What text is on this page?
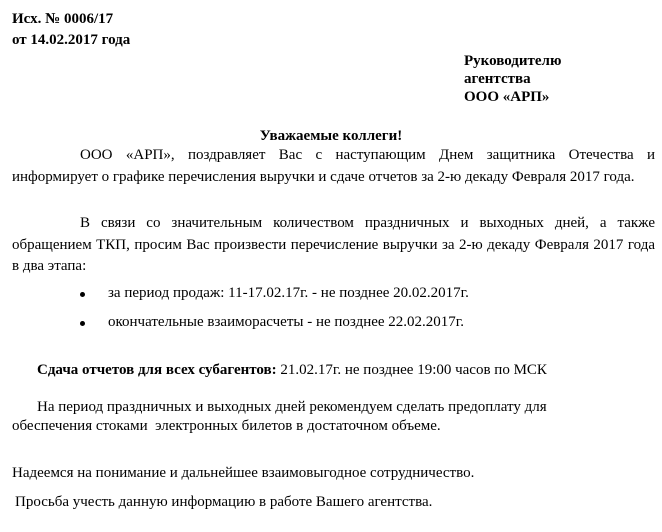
Исх. № 0006/17
от 14.02.2017 года
Руководителю
агентства
ООО «АРП»
Уважаемые коллеги!
ООО «АРП», поздравляет Вас с наступающим Днем защитника Отечества и информирует о графике перечисления выручки и сдаче отчетов за 2-ю декаду Февраля 2017 года.
В связи со значительным количеством праздничных и выходных дней, а также обращением ТКП, просим Вас произвести перечисление выручки за 2-ю декаду Февраля 2017 года в два этапа:
за период продаж: 11-17.02.17г. - не позднее 20.02.2017г.
окончательные взаиморасчеты - не позднее 22.02.2017г.
Сдача отчетов для всех субагентов: 21.02.17г. не позднее 19:00 часов по МСК
На период праздничных и выходных дней рекомендуем сделать предоплату для
обеспечения стоками  электронных билетов в достаточном объеме.
Надеемся на понимание и дальнейшее взаимовыгодное сотрудничество.
Просьба учесть данную информацию в работе Вашего агентства.
